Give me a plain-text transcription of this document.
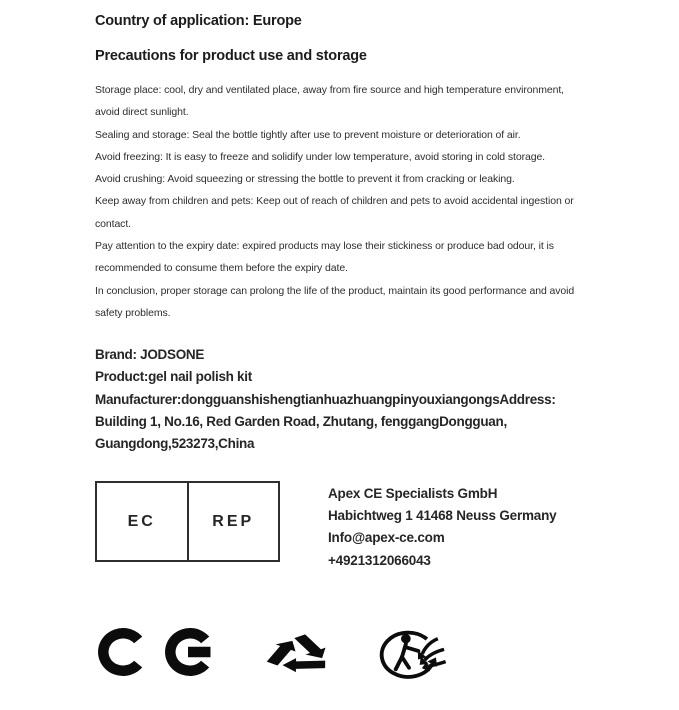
Country of application: Europe
Precautions for product use and storage
Storage place: cool, dry and ventilated place, away from fire source and high temperature environment,
avoid direct sunlight.
Sealing and storage: Seal the bottle tightly after use to prevent moisture or deterioration of air.
Avoid freezing: It is easy to freeze and solidify under low temperature, avoid storing in cold storage.
Avoid crushing: Avoid squeezing or stressing the bottle to prevent it from cracking or leaking.
Keep away from children and pets: Keep out of reach of children and pets to avoid accidental ingestion or
contact.
Pay attention to the expiry date: expired products may lose their stickiness or produce bad odour, it is
recommended to consume them before the expiry date.
In conclusion, proper storage can prolong the life of the product, maintain its good performance and avoid
safety problems.
Brand: JODSONE
Product:gel nail polish kit
Manufacturer:dongguanshishengtianhuazhuangpinyouxiangongsAddress:
Building 1, No.16, Red Garden Road, Zhutang, fenggangDongguan,
Guangdong,523273,China
EC	REP
Apex CE Specialists GmbH
Habichtweg 1 41468 Neuss Germany
Info@apex-ce.com
+4921312066043
